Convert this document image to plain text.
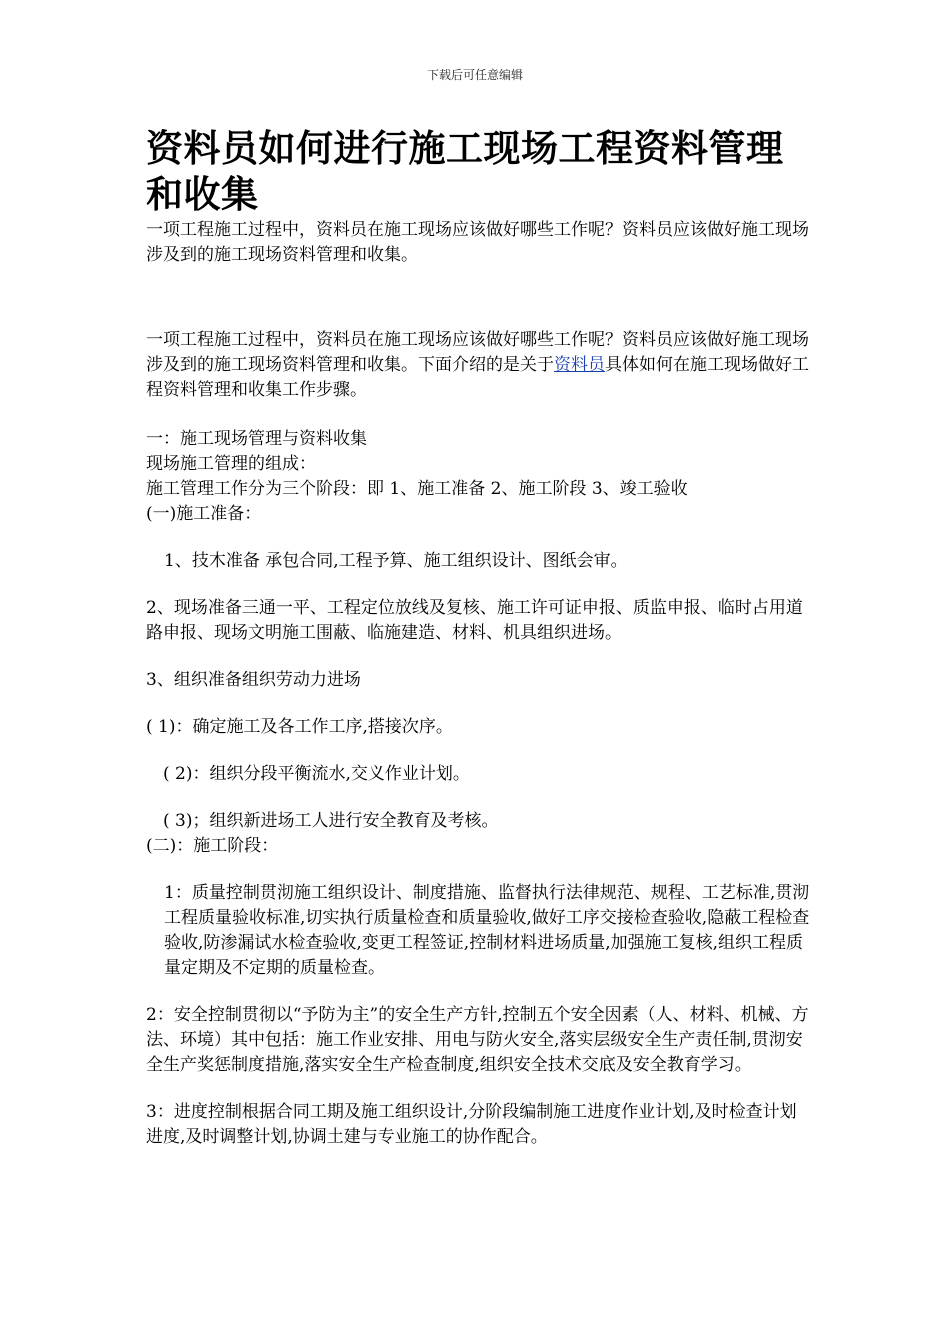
下载后可任意编辑
资料员如何进行施工现场工程资料管理和收集

一项工程施工过程中，资料员在施工现场应该做好哪些工作呢？资料员应该做好施工现场涉及到的施工现场资料管理和收集。

一项工程施工过程中，资料员在施工现场应该做好哪些工作呢？资料员应该做好施工现场涉及到的施工现场资料管理和收集。下面介绍的是关于资料员具体如何在施工现场做好工程资料管理和收集工作步骤。

一：施工现场管理与资料收集

现场施工管理的组成：

施工管理工作分为三个阶段：即 1、施工准备 2、施工阶段 3、竣工验收

(一)施工准备：

1、技木准备 承包合同,工程予算、施工组织设计、图纸会审。

2、现场准备三通一平、工程定位放线及复核、施工许可证申报、质监申报、临时占用道路申报、现场文明施工围蔽、临施建造、材料、机具组织进场。

3、组织准备组织劳动力进场

( 1)：确定施工及各工作工序,搭接次序。

( 2)：组织分段平衡流水,交义作业计划。

( 3)；组织新进场工人进行安全教育及考核。

(二)：施工阶段：

1：质量控制贯沏施工组织设计、制度措施、监督执行法律规范、规程、工艺标准,贯沏工程质量验收标准,切实执行质量检查和质量验收,做好工序交接检查验收,隐蔽工程检查验收,防渗漏试水检查验收,变更工程签证,控制材料进场质量,加强施工复核,组织工程质量定期及不定期的质量检查。

2：安全控制贯彻以“予防为主”的安全生产方针,控制五个安全因素（人、材料、机械、方法、环境）其中包括：施工作业安排、用电与防火安全,落实层级安全生产责任制,贯沏安全生产奖惩制度措施,落实安全生产检查制度,组织安全技术交底及安全教育学习。

3：进度控制根据合同工期及施工组织设计,分阶段编制施工进度作业计划,及时检查计划进度,及时调整计划,协调土建与专业施工的协作配合。
